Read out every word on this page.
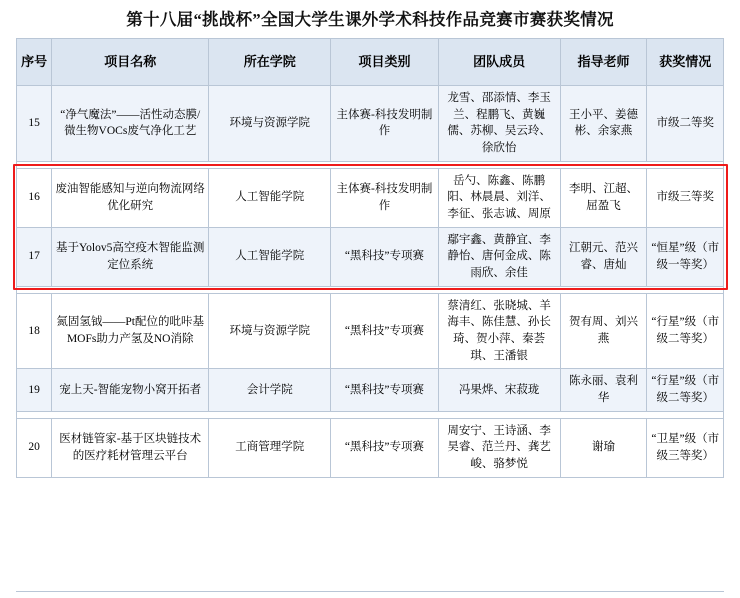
第十八届“挑战杯”全国大学生课外学术科技作品竞赛市赛获奖情况
序号	项目名称	所在学院	项目类别	团队成员	指导老师	获奖情况
15	“净气魔法”——活性动态膜/微生物VOCs废气净化工艺	环境与资源学院	主体赛-科技发明制作	龙雪、邵添情、李玉兰、程鹏飞、黄巍儒、苏柳、吴云玲、徐欣怡	王小平、姜德彬、余家燕	市级二等奖

16	废油智能感知与逆向物流网络优化研究	人工智能学院	主体赛-科技发明制作	岳勺、陈鑫、陈鹏阳、林晨晨、刘洋、李征、张志诚、周原	李明、江超、屈盈飞	市级三等奖
17	基于Yolov5高空疫木智能监测定位系统	人工智能学院	“黑科技”专项赛	鄢宇鑫、黄静宜、李静怡、唐何金成、陈雨欣、余佳	江朝元、范兴睿、唐灿	“恒星”级（市级一等奖）

18	氮固氢钺——Pt配位的吡咔基MOFs助力产氢及NO消除	环境与资源学院	“黑科技”专项赛	蔡清红、张晓城、羊海丰、陈佳慧、孙长琦、贺小萍、秦荟琪、王潘银	贺有周、刘兴燕	“行星”级（市级二等奖）
19	宠上天-智能宠物小窝开拓者	会计学院	“黑科技”专项赛	冯果烨、宋菽珑	陈永丽、袁利华	“行星”级（市级二等奖）

20	医材链管家-基于区块链技术的医疗耗材管理云平台	工商管理学院	“黑科技”专项赛	周安宁、王诗涵、李昊睿、范兰丹、龚艺峻、骆梦悦	谢瑜	“卫星”级（市级三等奖）
